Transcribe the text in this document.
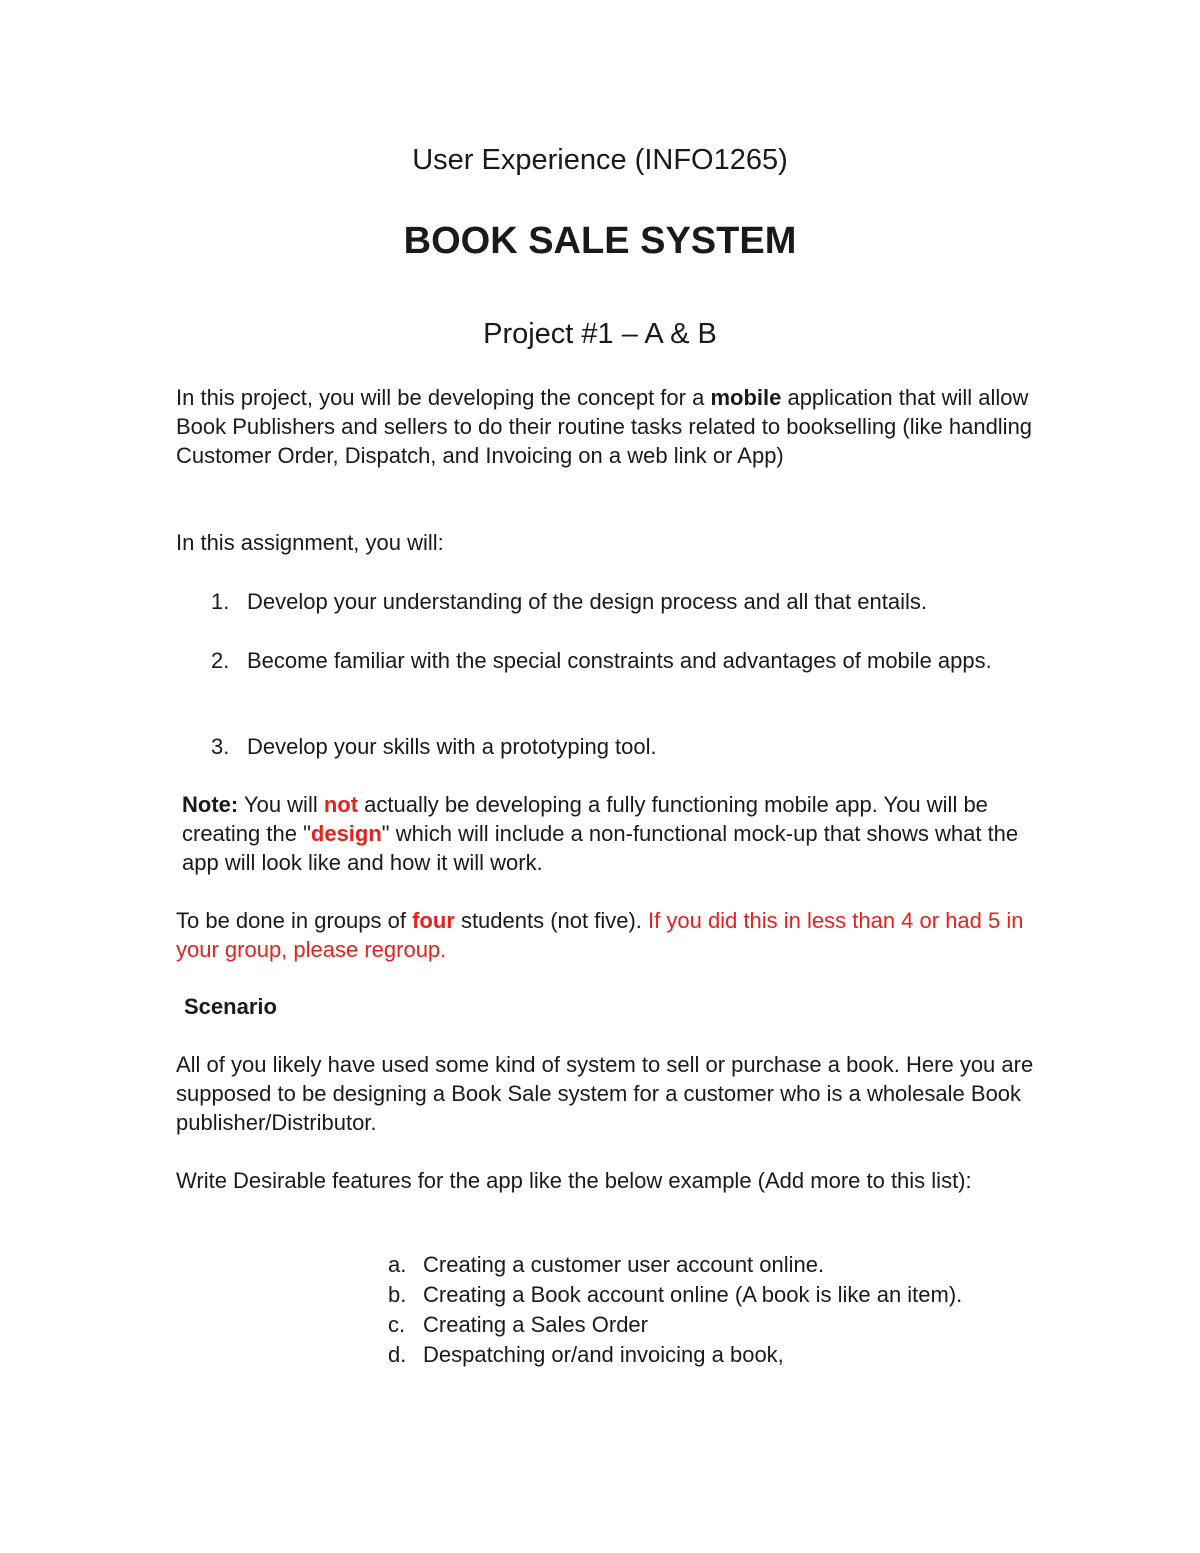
User Experience (INFO1265)
BOOK SALE SYSTEM
Project #1 – A & B

In this project, you will be developing the concept for a mobile application that will allow Book Publishers and sellers to do their routine tasks related to bookselling (like handling Customer Order, Dispatch, and Invoicing on a web link or App)

In this assignment, you will:

1. Develop your understanding of the design process and all that entails.
2. Become familiar with the special constraints and advantages of mobile apps.
3. Develop your skills with a prototyping tool.

Note: You will not actually be developing a fully functioning mobile app. You will be creating the "design" which will include a non-functional mock-up that shows what the app will look like and how it will work.

To be done in groups of four students (not five). If you did this in less than 4 or had 5 in your group, please regroup.

Scenario

All of you likely have used some kind of system to sell or purchase a book. Here you are supposed to be designing a Book Sale system for a customer who is a wholesale Book publisher/Distributor.

Write Desirable features for the app like the below example (Add more to this list):

a. Creating a customer user account online.
b. Creating a Book account online (A book is like an item).
c. Creating a Sales Order
d. Despatching or/and invoicing a book,
